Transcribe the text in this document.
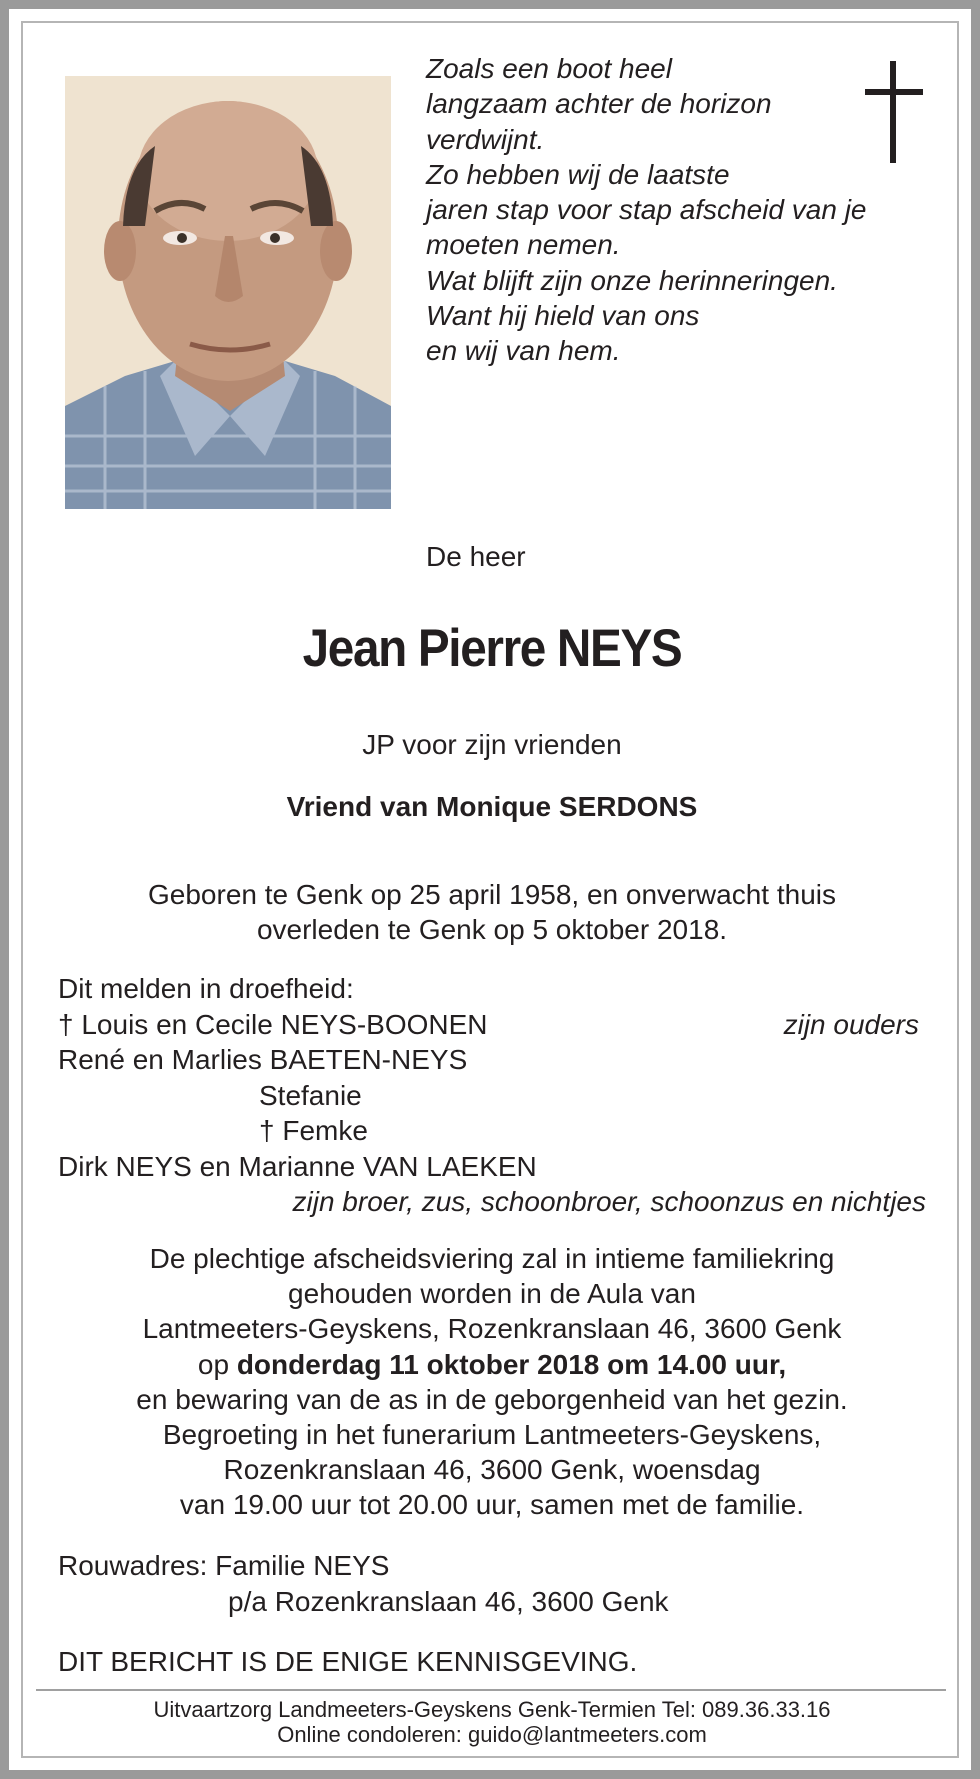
Zoals een boot heel
langzaam achter de horizon
verdwijnt.
Zo hebben wij de laatste
jaren stap voor stap afscheid van je
moeten nemen.
Wat blijft zijn onze herinneringen.
Want hij hield van ons
en wij van hem.
De heer
Jean Pierre NEYS
JP voor zijn vrienden
Vriend van Monique SERDONS
Geboren te Genk op 25 april 1958, en onverwacht thuis
overleden te Genk op 5 oktober 2018.
Dit melden in droefheid:
† Louis en Cecile NEYS-BOONEN	zijn ouders
René en Marlies BAETEN-NEYS
Stefanie
† Femke
Dirk NEYS en Marianne VAN LAEKEN
zijn broer, zus, schoonbroer, schoonzus en nichtjes
De plechtige afscheidsviering zal in intieme familiekring
gehouden worden in de Aula van
Lantmeeters-Geyskens, Rozenkranslaan 46, 3600 Genk
op donderdag 11 oktober 2018 om 14.00 uur,
en bewaring van de as in de geborgenheid van het gezin.
Begroeting in het funerarium Lantmeeters-Geyskens,
Rozenkranslaan 46, 3600 Genk, woensdag
van 19.00 uur tot 20.00 uur, samen met de familie.
Rouwadres: Familie NEYS
p/a Rozenkranslaan 46, 3600 Genk
DIT BERICHT IS DE ENIGE KENNISGEVING.
Uitvaartzorg Landmeeters-Geyskens Genk-Termien Tel: 089.36.33.16
Online condoleren: guido@lantmeeters.com
